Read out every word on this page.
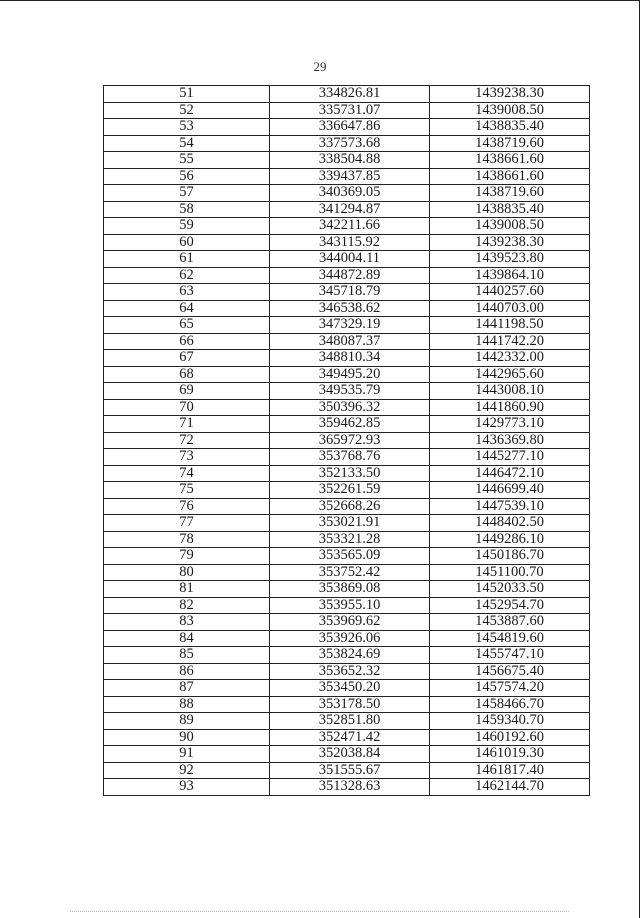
29
51	334826.81	1439238.30
52	335731.07	1439008.50
53	336647.86	1438835.40
54	337573.68	1438719.60
55	338504.88	1438661.60
56	339437.85	1438661.60
57	340369.05	1438719.60
58	341294.87	1438835.40
59	342211.66	1439008.50
60	343115.92	1439238.30
61	344004.11	1439523.80
62	344872.89	1439864.10
63	345718.79	1440257.60
64	346538.62	1440703.00
65	347329.19	1441198.50
66	348087.37	1441742.20
67	348810.34	1442332.00
68	349495.20	1442965.60
69	349535.79	1443008.10
70	350396.32	1441860.90
71	359462.85	1429773.10
72	365972.93	1436369.80
73	353768.76	1445277.10
74	352133.50	1446472.10
75	352261.59	1446699.40
76	352668.26	1447539.10
77	353021.91	1448402.50
78	353321.28	1449286.10
79	353565.09	1450186.70
80	353752.42	1451100.70
81	353869.08	1452033.50
82	353955.10	1452954.70
83	353969.62	1453887.60
84	353926.06	1454819.60
85	353824.69	1455747.10
86	353652.32	1456675.40
87	353450.20	1457574.20
88	353178.50	1458466.70
89	352851.80	1459340.70
90	352471.42	1460192.60
91	352038.84	1461019.30
92	351555.67	1461817.40
93	351328.63	1462144.70
